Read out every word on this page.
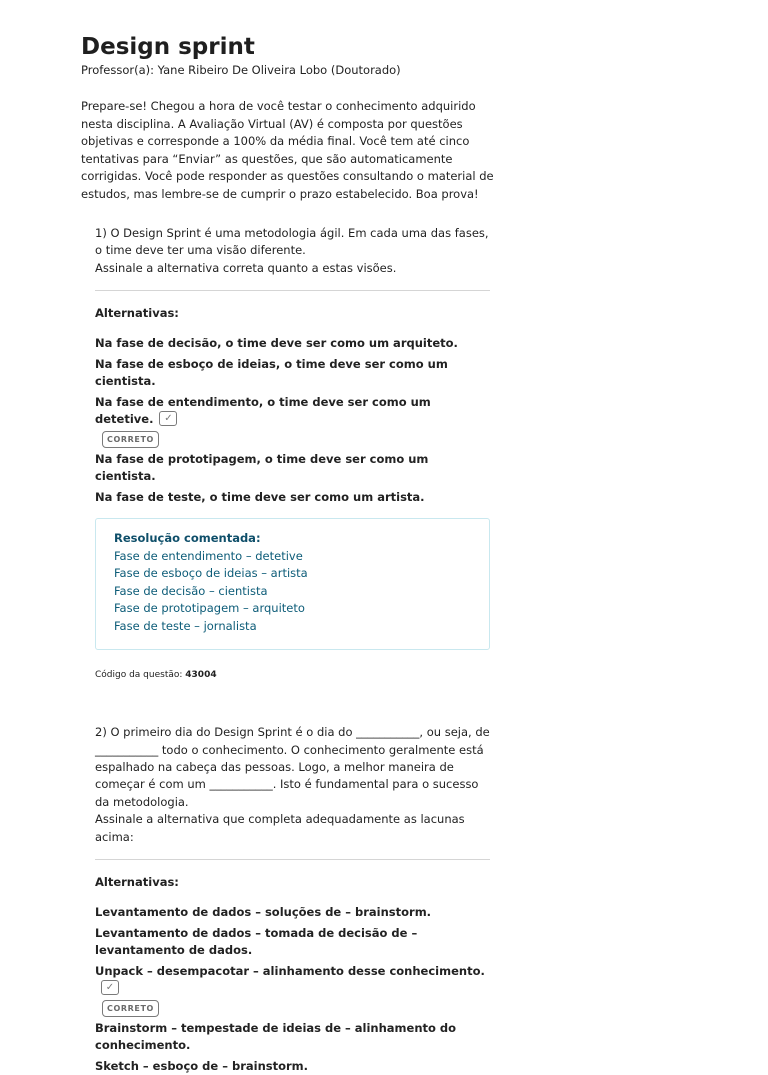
Design sprint
Professor(a): Yane Ribeiro De Oliveira Lobo (Doutorado)
Prepare-se! Chegou a hora de você testar o conhecimento adquirido nesta disciplina. A Avaliação Virtual (AV) é composta por questões objetivas e corresponde a 100% da média final. Você tem até cinco tentativas para “Enviar” as questões, que são automaticamente corrigidas. Você pode responder as questões consultando o material de estudos, mas lembre-se de cumprir o prazo estabelecido. Boa prova!

1) O Design Sprint é uma metodologia ágil. Em cada uma das fases, o time deve ter uma visão diferente.

Assinale a alternativa correta quanto a estas visões.

Alternativas:
Na fase de decisão, o time deve ser como um arquiteto.
Na fase de esboço de ideias, o time deve ser como um cientista.
Na fase de entendimento, o time deve ser como um detetive. ✓
CORRETO
Na fase de prototipagem, o time deve ser como um cientista.
Na fase de teste, o time deve ser como um artista.
Resolução comentada:
Fase de entendimento – detetive
Fase de esboço de ideias – artista
Fase de decisão – cientista
Fase de prototipagem – arquiteto
Fase de teste – jornalista
Código da questão: 43004

2) O primeiro dia do Design Sprint é o dia do ___________, ou seja, de ___________ todo o conhecimento. O conhecimento geralmente está espalhado na cabeça das pessoas. Logo, a melhor maneira de começar é com um ___________. Isto é fundamental para o sucesso da metodologia.

Assinale a alternativa que completa adequadamente as lacunas acima:

Alternativas:
Levantamento de dados – soluções de – brainstorm.
Levantamento de dados – tomada de decisão de – levantamento de dados.
Unpack – desempacotar – alinhamento desse conhecimento.✓
CORRETO
Brainstorm – tempestade de ideias de – alinhamento do conhecimento.
Sketch – esboço de – brainstorm.
